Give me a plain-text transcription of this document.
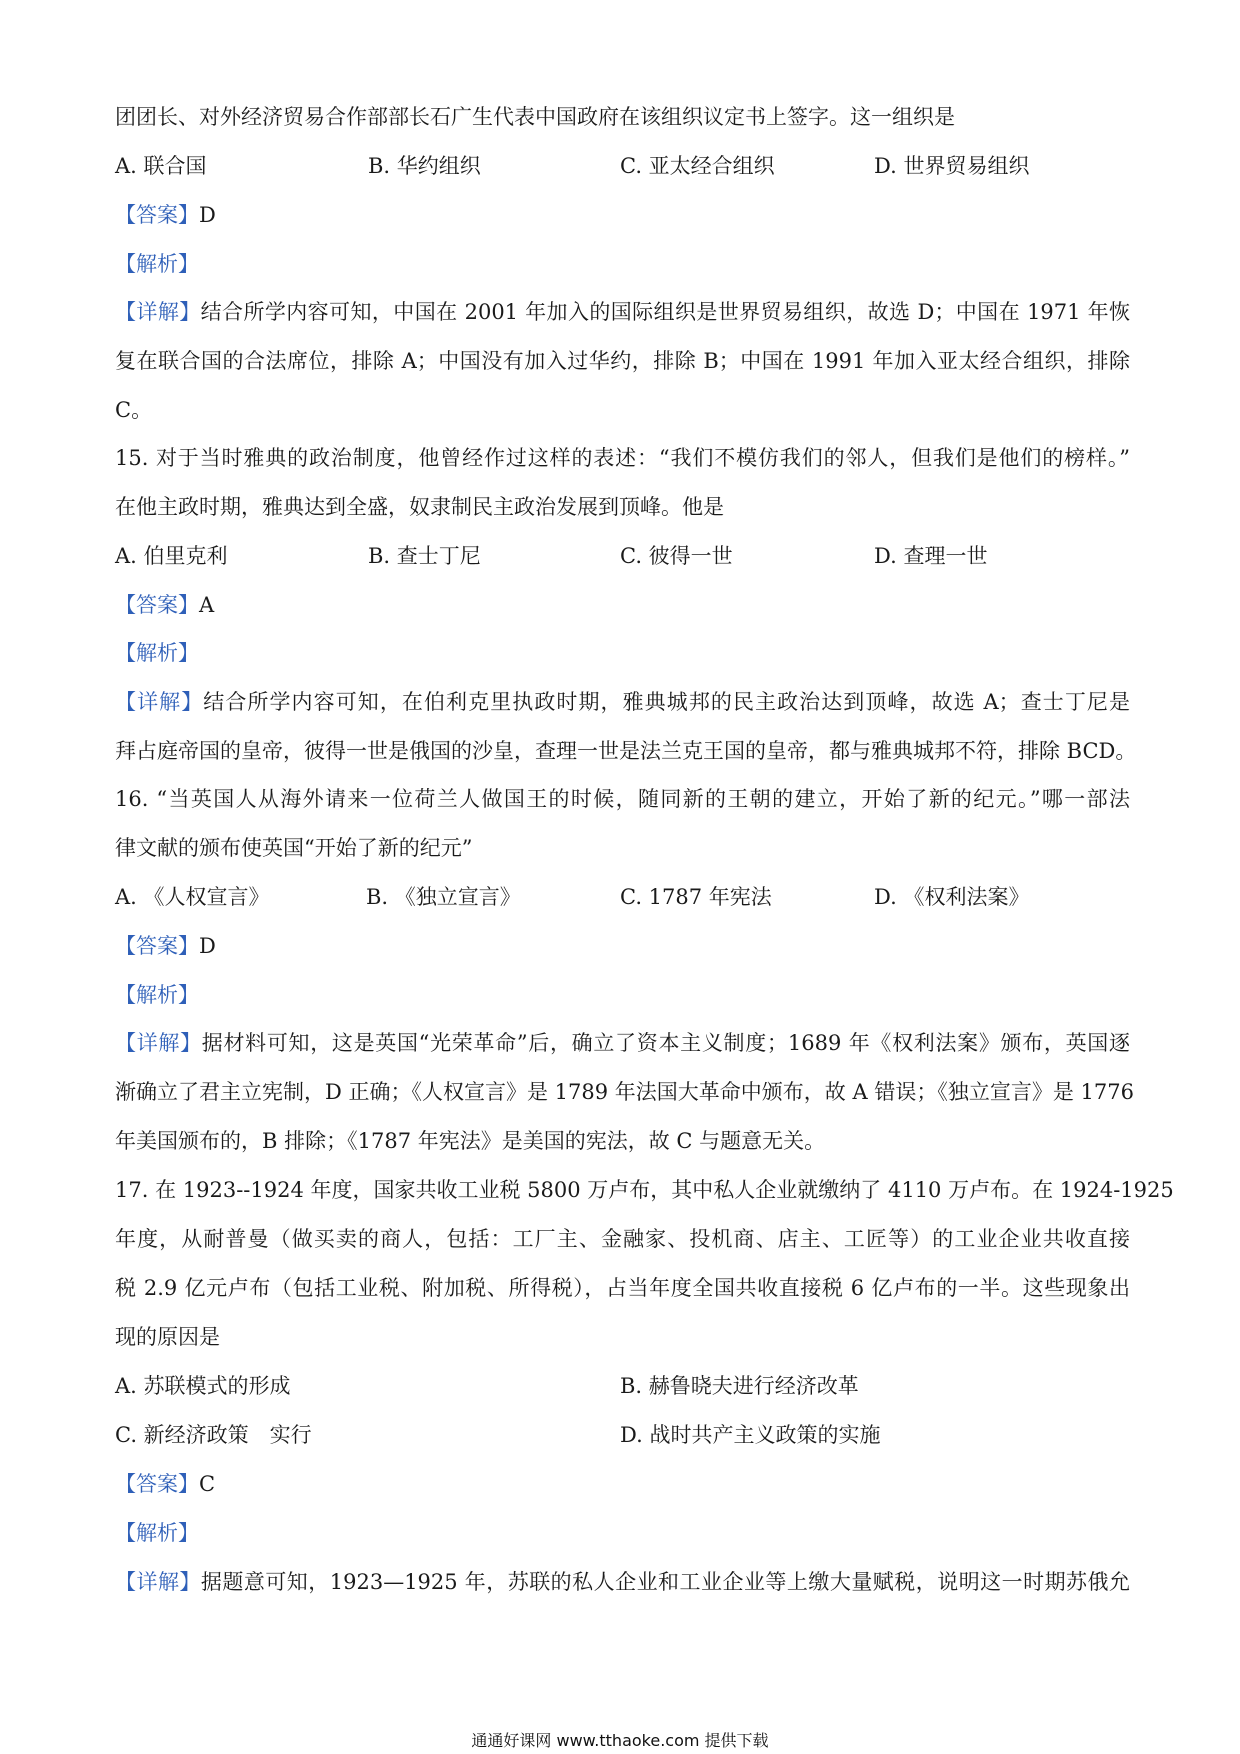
团团长、对外经济贸易合作部部长石广生代表中国政府在该组织议定书上签字。这一组织是
A. 联合国	B. 华约组织	C. 亚太经合组织	D. 世界贸易组织
【答案】D
【解析】
【详解】结合所学内容可知，中国在 2001 年加入的国际组织是世界贸易组织，故选 D；中国在 1971 年恢
复在联合国的合法席位，排除 A；中国没有加入过华约，排除 B；中国在 1991 年加入亚太经合组织，排除
C。
15. 对于当时雅典的政治制度，他曾经作过这样的表述：“我们不模仿我们的邻人，但我们是他们的榜样。”
在他主政时期，雅典达到全盛，奴隶制民主政治发展到顶峰。他是
A. 伯里克利	B. 查士丁尼	C. 彼得一世	D. 查理一世
【答案】A
【解析】
【详解】结合所学内容可知，在伯利克里执政时期，雅典城邦的民主政治达到顶峰，故选 A；查士丁尼是
拜占庭帝国的皇帝，彼得一世是俄国的沙皇，查理一世是法兰克王国的皇帝，都与雅典城邦不符，排除 BCD。
16. “当英国人从海外请来一位荷兰人做国王的时候，随同新的王朝的建立，开始了新的纪元。”哪一部法
律文献的颁布使英国“开始了新的纪元”
A. 《人权宣言》	B. 《独立宣言》	C. 1787 年宪法	D. 《权利法案》
【答案】D
【解析】
【详解】据材料可知，这是英国“光荣革命”后，确立了资本主义制度；1689 年《权利法案》颁布，英国逐
渐确立了君主立宪制，D 正确；《人权宣言》是 1789 年法国大革命中颁布，故 A 错误；《独立宣言》是 1776
年美国颁布的，B 排除；《1787 年宪法》是美国的宪法，故 C 与题意无关。
17. 在 1923--1924 年度，国家共收工业税 5800 万卢布，其中私人企业就缴纳了 4110 万卢布。在 1924-1925
年度，从耐普曼（做买卖的商人，包括：工厂主、金融家、投机商、店主、工匠等）的工业企业共收直接
税 2.9 亿元卢布（包括工业税、附加税、所得税），占当年度全国共收直接税 6 亿卢布的一半。这些现象出
现的原因是
A. 苏联模式的形成	B. 赫鲁晓夫进行经济改革
C. 新经济政策　实行	D. 战时共产主义政策的实施
【答案】C
【解析】
【详解】据题意可知，1923—1925 年，苏联的私人企业和工业企业等上缴大量赋税，说明这一时期苏俄允
通通好课网 www.tthaoke.com 提供下载
